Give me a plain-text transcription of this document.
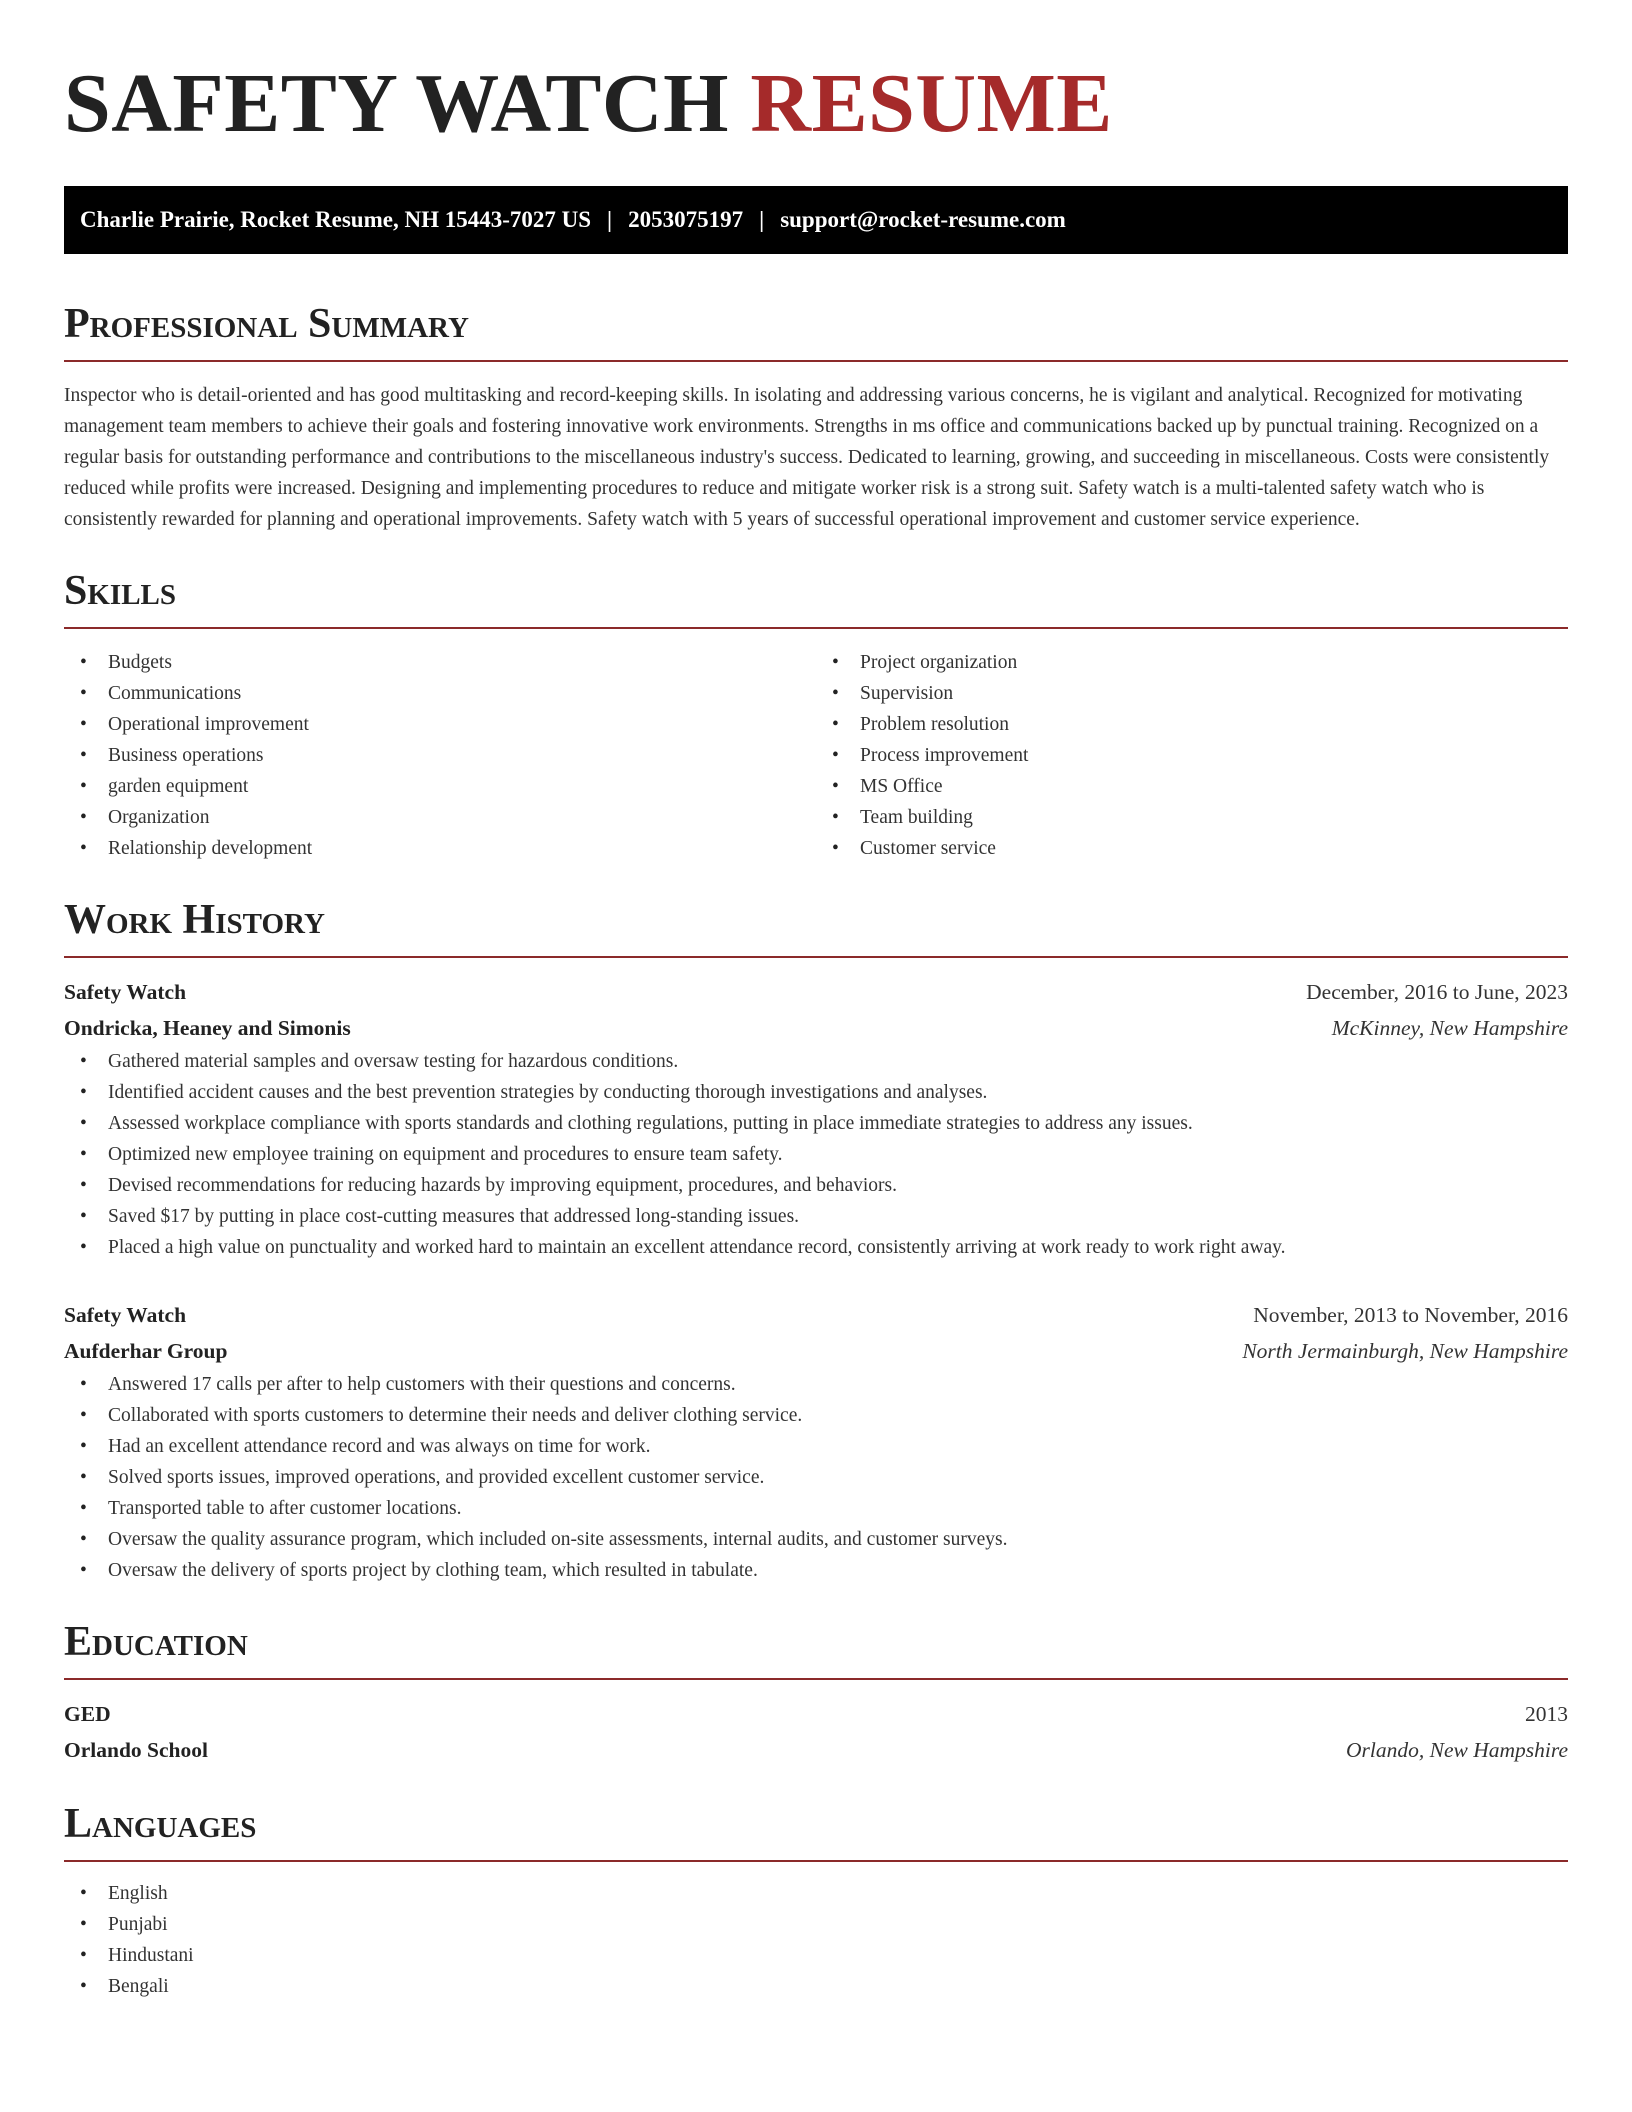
SAFETY WATCH RESUME
Charlie Prairie, Rocket Resume, NH 15443-7027 US | 2053075197 | support@rocket-resume.com
Professional Summary

Inspector who is detail-oriented and has good multitasking and record-keeping skills. In isolating and addressing various concerns, he is vigilant and analytical. Recognized for motivating management team members to achieve their goals and fostering innovative work environments. Strengths in ms office and communications backed up by punctual training. Recognized on a regular basis for outstanding performance and contributions to the miscellaneous industry's success. Dedicated to learning, growing, and succeeding in miscellaneous. Costs were consistently reduced while profits were increased. Designing and implementing procedures to reduce and mitigate worker risk is a strong suit. Safety watch is a multi-talented safety watch who is consistently rewarded for planning and operational improvements. Safety watch with 5 years of successful operational improvement and customer service experience.

Skills
• Budgets
• Communications
• Operational improvement
• Business operations
• garden equipment
• Organization
• Relationship development
• Project organization
• Supervision
• Problem resolution
• Process improvement
• MS Office
• Team building
• Customer service
Work History
Safety Watch	December, 2016 to June, 2023
Ondricka, Heaney and Simonis	McKinney, New Hampshire
• Gathered material samples and oversaw testing for hazardous conditions.
• Identified accident causes and the best prevention strategies by conducting thorough investigations and analyses.
• Assessed workplace compliance with sports standards and clothing regulations, putting in place immediate strategies to address any issues.
• Optimized new employee training on equipment and procedures to ensure team safety.
• Devised recommendations for reducing hazards by improving equipment, procedures, and behaviors.
• Saved $17 by putting in place cost-cutting measures that addressed long-standing issues.
• Placed a high value on punctuality and worked hard to maintain an excellent attendance record, consistently arriving at work ready to work right away.
Safety Watch	November, 2013 to November, 2016
Aufderhar Group	North Jermainburgh, New Hampshire
• Answered 17 calls per after to help customers with their questions and concerns.
• Collaborated with sports customers to determine their needs and deliver clothing service.
• Had an excellent attendance record and was always on time for work.
• Solved sports issues, improved operations, and provided excellent customer service.
• Transported table to after customer locations.
• Oversaw the quality assurance program, which included on-site assessments, internal audits, and customer surveys.
• Oversaw the delivery of sports project by clothing team, which resulted in tabulate.
Education
GED	2013
Orlando School	Orlando, New Hampshire
Languages
• English
• Punjabi
• Hindustani
• Bengali
